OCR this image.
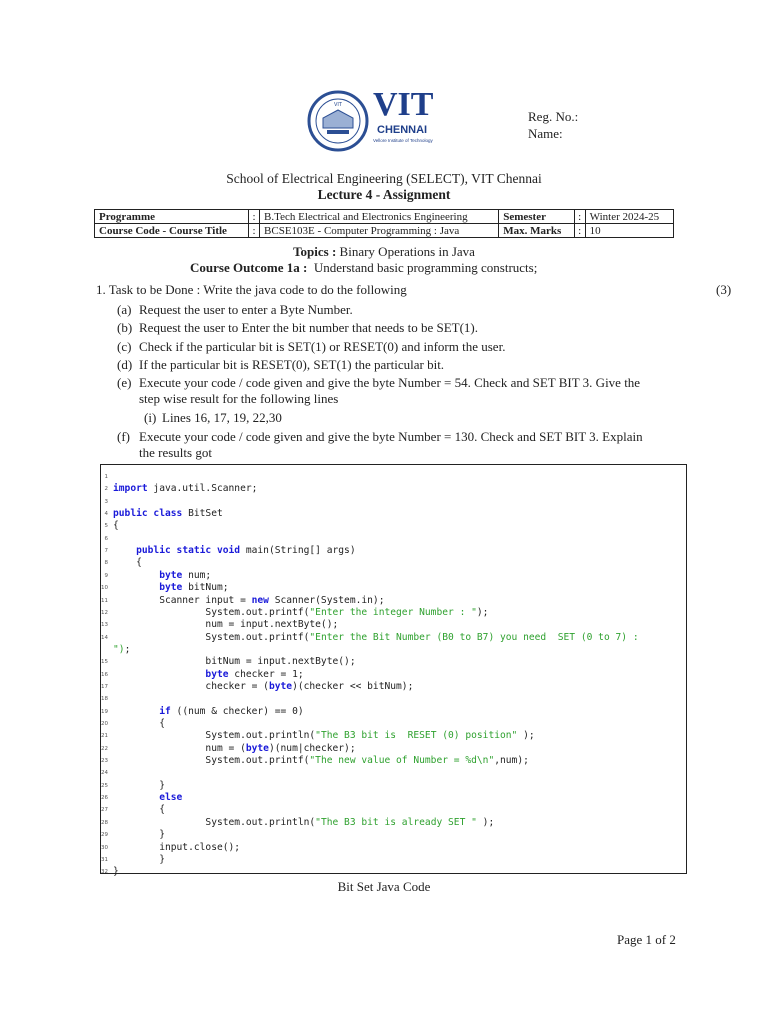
VIT VIT
CHENNAI
Vellore Institute of Technology
Reg. No.:
Name:
School of Electrical Engineering (SELECT), VIT Chennai
Lecture 4 - Assignment
Programme	:	B.Tech Electrical and Electronics Engineering	Semester	:	Winter 2024-25
Course Code - Course Title	:	BCSE103E - Computer Programming : Java	Max. Marks	:	10
Topics : Binary Operations in Java
Course Outcome 1a : Understand basic programming constructs;
1. Task to be Done : Write the java code to do the following	(3)
(a) Request the user to enter a Byte Number.
(b) Request the user to Enter the bit number that needs to be SET(1).
(c) Check if the particular bit is SET(1) or RESET(0) and inform the user.
(d) If the particular bit is RESET(0), SET(1) the particular bit.
(e) Execute your code / code given and give the byte Number = 54. Check and SET BIT 3. Give the
step wise result for the following lines
(i) Lines 16, 17, 19, 22,30
(f) Execute your code / code given and give the byte Number = 130. Check and SET BIT 3. Explain
the results got
1
2 import java.util.Scanner;
3
4 public class BitSet
5 {
6
7	public static void main(String[] args)
8 {
9	byte num;
10	byte bitNum;
11 Scanner input = new Scanner(System.in);
12 System.out.printf("Enter the integer Number : ");
13 num = input.nextByte();
14 System.out.printf("Enter the Bit Number (B0 to B7) you need  SET (0 to 7) :
15 bitNum = input.nextByte();
16	byte checker = 1;
17 checker = (byte)(checker << bitNum);
18
19	if ((num & checker) == 0)
20 {
21 System.out.println("The B3 bit is  RESET (0) position" );
22 num = (byte)(num|checker);
23 System.out.printf("The new value of Number = %d\n",num);
24
25 }
26	else
27 {
28 System.out.println("The B3 bit is already SET " );
29 }
30 input.close();
31 }
32 }
");
Bit Set Java Code
Page 1 of 2
